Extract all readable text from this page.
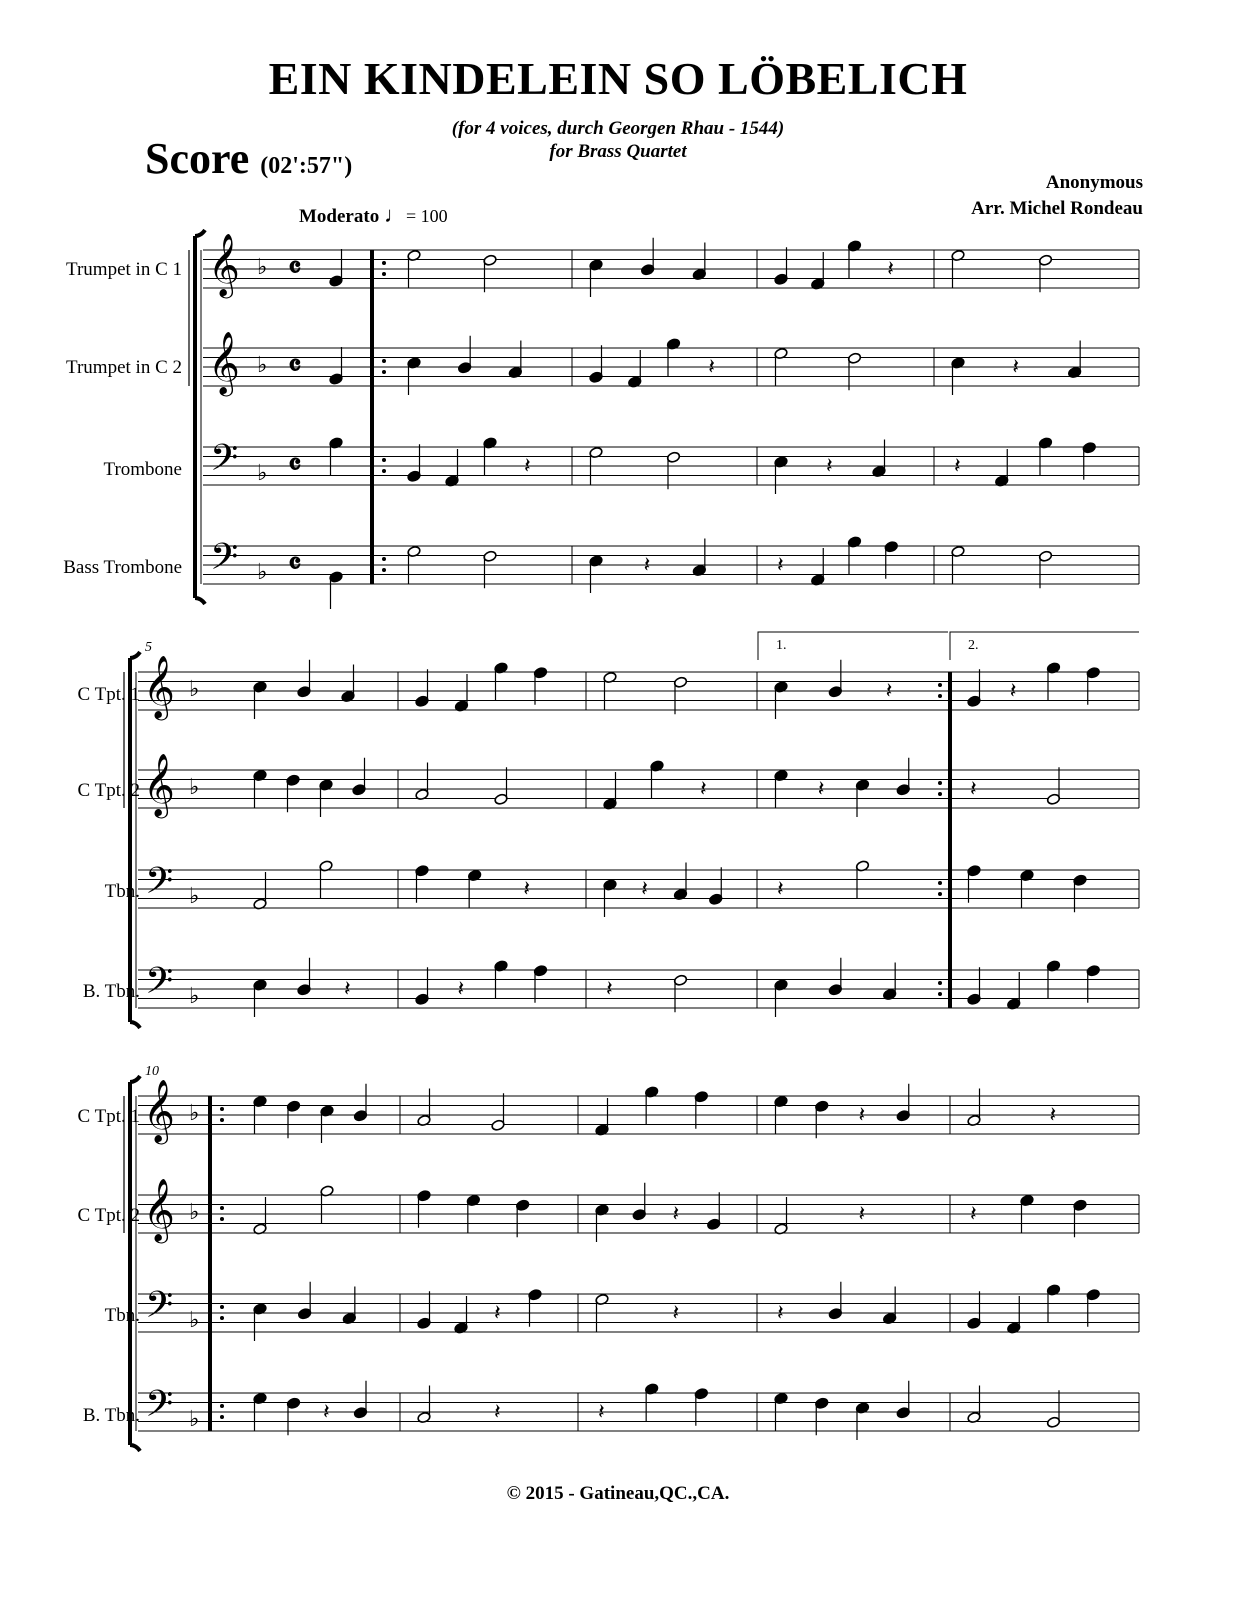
EIN KINDELEIN SO LÖBELICH
(for 4 voices, durch Georgen Rhau - 1544)
for Brass Quartet
Score (02':57")
Anonymous
Arr. Michel Rondeau
Moderato ♩= 100
Trumpet in C 1
Trumpet in C 2
Trombone
Bass Trombone
C Tpt. 1
C Tpt. 2
Tbn.
B. Tbn.
C Tpt. 1
C Tpt. 2
Tbn.
B. Tbn.
5
10
1.	2.
𝄞 ♭ 𝄴	𝄽
𝄞 ♭ 𝄴	𝄽	𝄽
𝄢 ♭ 𝄴	𝄽	𝄽	𝄽
𝄢 ♭ 𝄴	𝄽	𝄽
𝄞 ♭	𝄽	𝄽
𝄞 ♭	𝄽	𝄽	𝄽
𝄢 ♭	𝄽	𝄽	𝄽
𝄢 ♭	𝄽	𝄽	𝄽
𝄞 ♭	𝄽	𝄽
𝄞 ♭	𝄽	𝄽	𝄽
𝄢 ♭	𝄽	𝄽	𝄽
𝄢 ♭	𝄽	𝄽	𝄽
© 2015 - Gatineau,QC.,CA.
